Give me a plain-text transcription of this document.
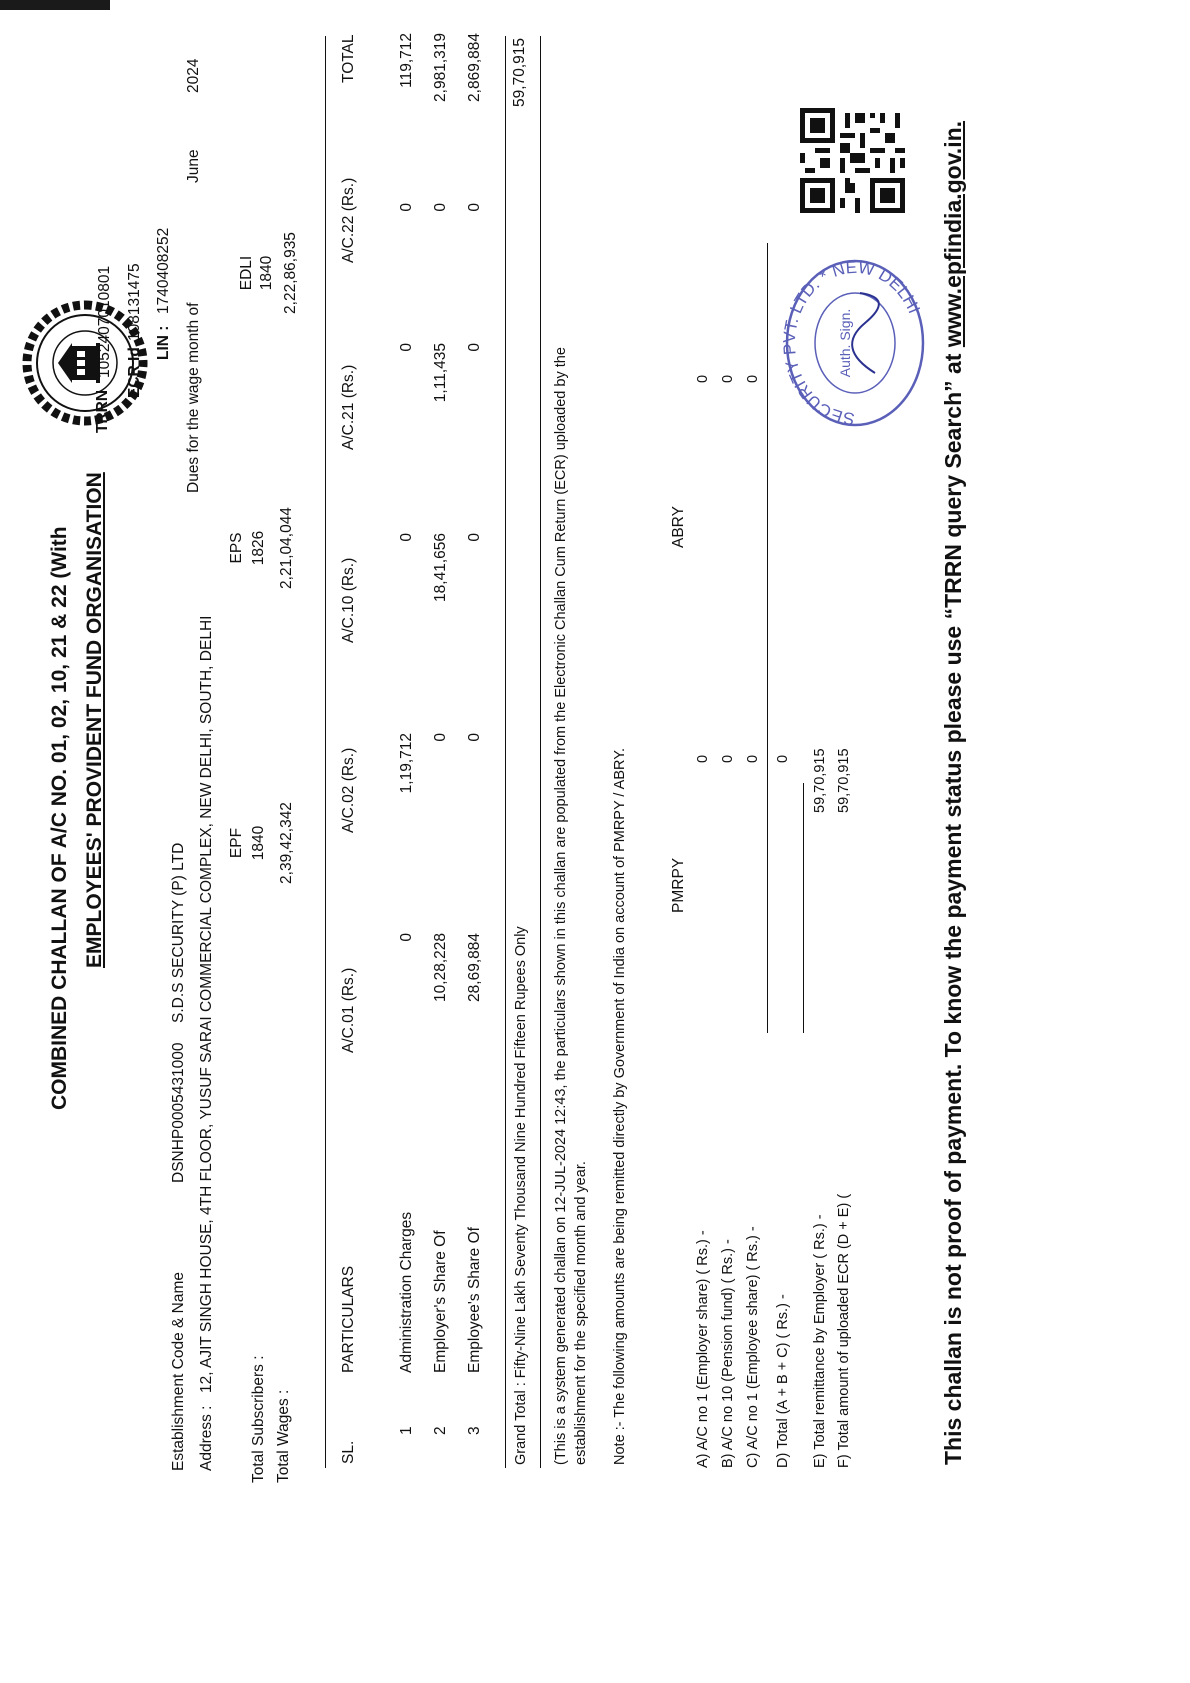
COMBINED CHALLAN OF A/C NO. 01, 02, 10, 21 & 22 (With EMPLOYEES' PROVIDENT FUND ORGANISATION
TRRN
1052407010801 ECR Id
108131475
LIN :
1740408252
Dues for the wage month of
June
2024
Establishment Code & Name
DSNHP0005431000
S.D.S SECURITY (P) LTD
Address :
12, AJIT SINGH HOUSE, 4TH FLOOR, YUSUF SARAI COMMERCIAL COMPLEX, NEW DELHI, SOUTH, DELHI
Total Subscribers : Total Wages :
EPF 1840 2,39,42,342
EPS 1826 2,21,04,044
EDLI 1840 2,22,86,935
SL.
PARTICULARS
A/C.01 (Rs.)
A/C.02 (Rs.)
A/C.10 (Rs.)
A/C.21 (Rs.)
A/C.22 (Rs.)
TOTAL
1
Administration Charges
0
1,19,712
0
0
0
119,712
2
Employer's Share Of
10,28,228
0
18,41,656
1,11,435
0
2,981,319
3
Employee's Share Of
28,69,884
0
0
0
0
2,869,884
Grand Total : Fifty-Nine Lakh Seventy Thousand Nine Hundred Fifteen Rupees Only
59,70,915
(This is a system generated challan on 12-JUL-2024 12:43, the particulars shown in this challan are populated from the Electronic Challan Cum Return (ECR) uploaded by the establishment for the specified month and year. Note :- The following amounts are being remitted directly by Government of India on account of PMRPY / ABRY.	PMRPY
ABRY
A) A/C no 1 (Employer share) ( Rs.) -
0
0
B) A/C no 10 (Pension fund) ( Rs.) -
0
0
C) A/C no 1 (Employee share) ( Rs.) -
0
0
D) Total (A + B + C) ( Rs.) -
0
E) Total remittance by Employer ( Rs.) -
59,70,915
F) Total amount of uploaded ECR (D + E) (
59,70,915
SECURITY PVT. LTD. * NEW DELHI
Auth. Sign.
This challan is not proof of payment. To know the payment status please use “TRRN query Search” at www.epfindia.gov.in.
